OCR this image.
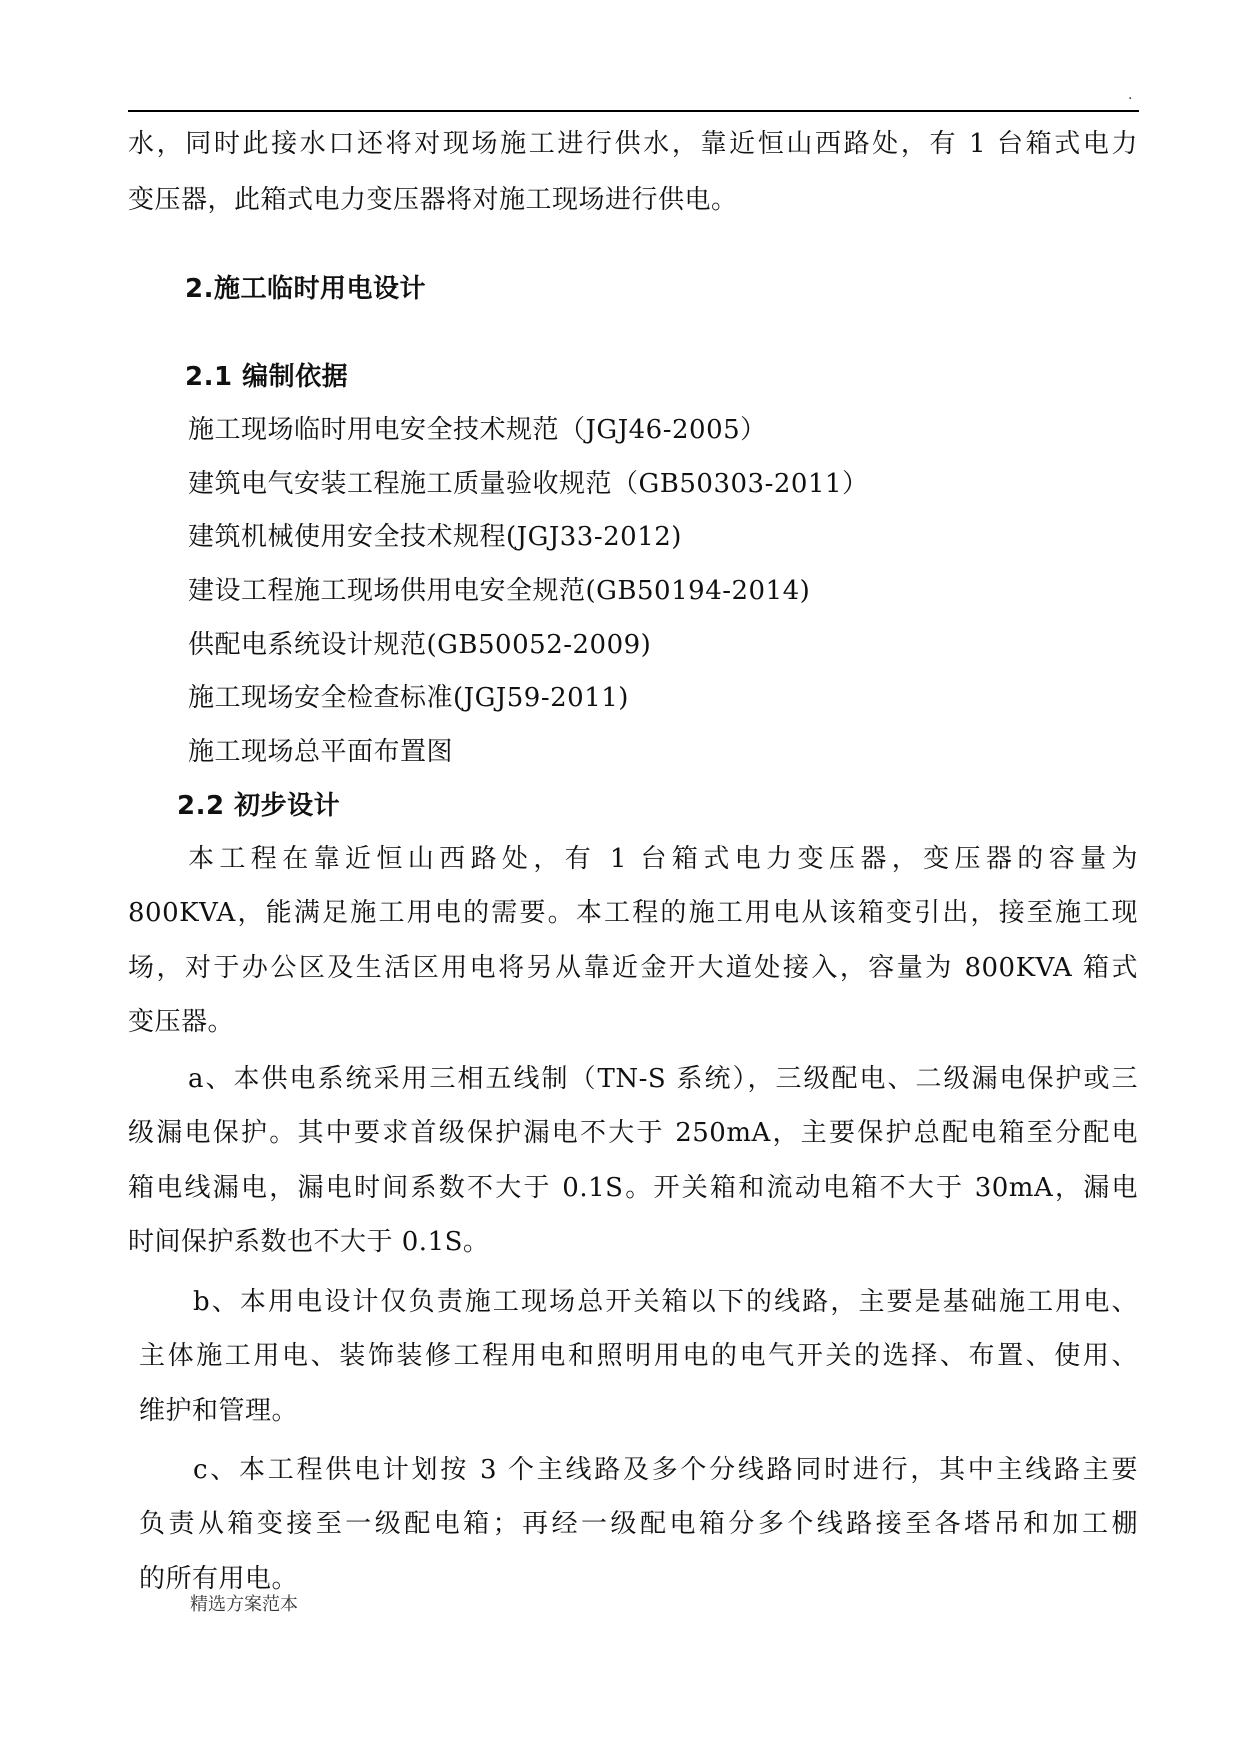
.
水，同时此接水口还将对现场施工进行供水，靠近恒山西路处，有 1 台箱式电力
变压器，此箱式电力变压器将对施工现场进行供电。
2.施工临时用电设计
2.1 编制依据
施工现场临时用电安全技术规范（JGJ46-2005）
建筑电气安装工程施工质量验收规范（GB50303-2011）
建筑机械使用安全技术规程(JGJ33-2012)
建设工程施工现场供用电安全规范(GB50194-2014)
供配电系统设计规范(GB50052-2009)
施工现场安全检查标准(JGJ59-2011)
施工现场总平面布置图
2.2 初步设计
本工程在靠近恒山西路处，有 1 台箱式电力变压器，变压器的容量为
800KVA，能满足施工用电的需要。本工程的施工用电从该箱变引出，接至施工现
场，对于办公区及生活区用电将另从靠近金开大道处接入，容量为 800KVA 箱式
变压器。
a、本供电系统采用三相五线制（TN-S 系统），三级配电、二级漏电保护或三
级漏电保护。其中要求首级保护漏电不大于 250mA，主要保护总配电箱至分配电
箱电线漏电，漏电时间系数不大于 0.1S。开关箱和流动电箱不大于 30mA，漏电
时间保护系数也不大于 0.1S。
b、本用电设计仅负责施工现场总开关箱以下的线路，主要是基础施工用电、
主体施工用电、装饰装修工程用电和照明用电的电气开关的选择、布置、使用、
维护和管理。
c、本工程供电计划按 3 个主线路及多个分线路同时进行，其中主线路主要
负责从箱变接至一级配电箱；再经一级配电箱分多个线路接至各塔吊和加工棚
的所有用电。
精选方案范本
